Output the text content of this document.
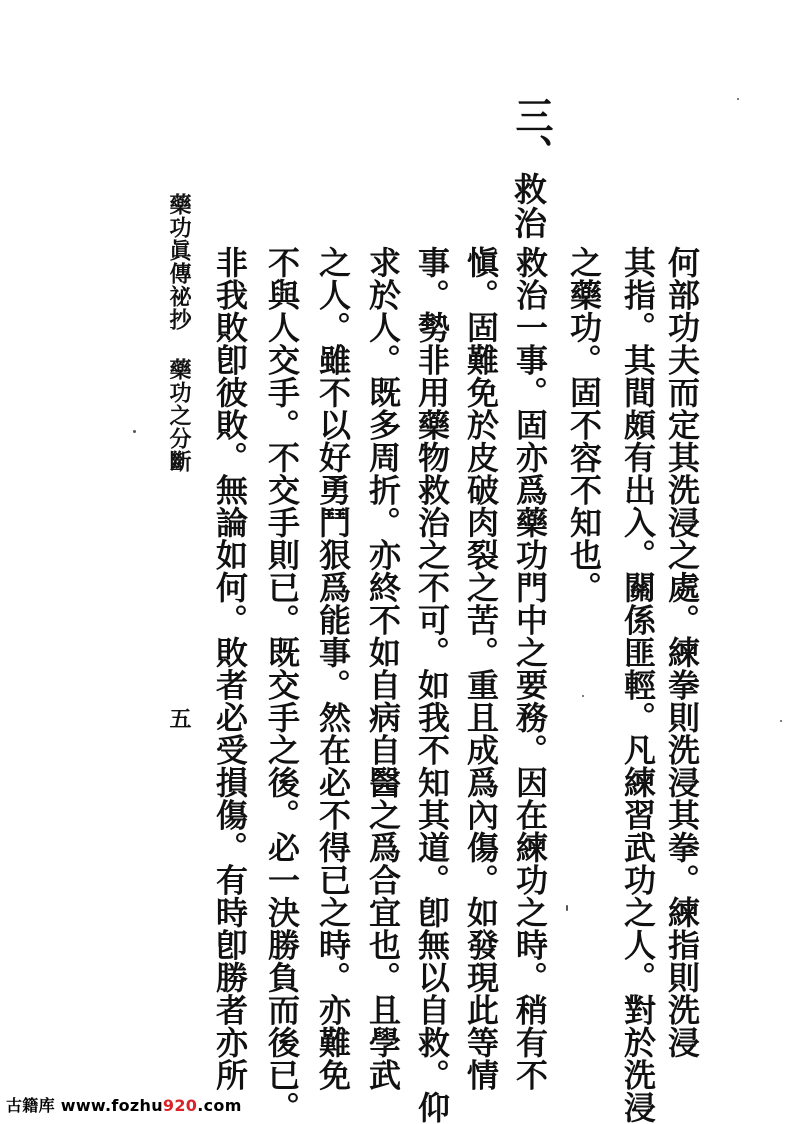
三、
救治
何部功夫而定其洗浸之處。練拳則洗浸其拳。練指則洗浸
其指。其間頗有出入。關係匪輕。凡練習武功之人。對於洗浸
之藥功。固不容不知也。
救治一事。固亦爲藥功門中之要務。因在練功之時。稍有不
愼。固難免於皮破肉裂之苦。重且成爲內傷。如發現此等情
事。勢非用藥物救治之不可。如我不知其道。卽無以自救。仰
求於人。既多周折。亦終不如自病自醫之爲合宜也。且學武
之人。雖不以好勇鬥狠爲能事。然在必不得已之時。亦難免
不與人交手。不交手則已。既交手之後。必一決勝負而後已。
非我敗卽彼敗。無論如何。敗者必受損傷。有時卽勝者亦所
藥功眞傳祕抄
藥功之分斷
五
古籍库 www.fozhu920.com
